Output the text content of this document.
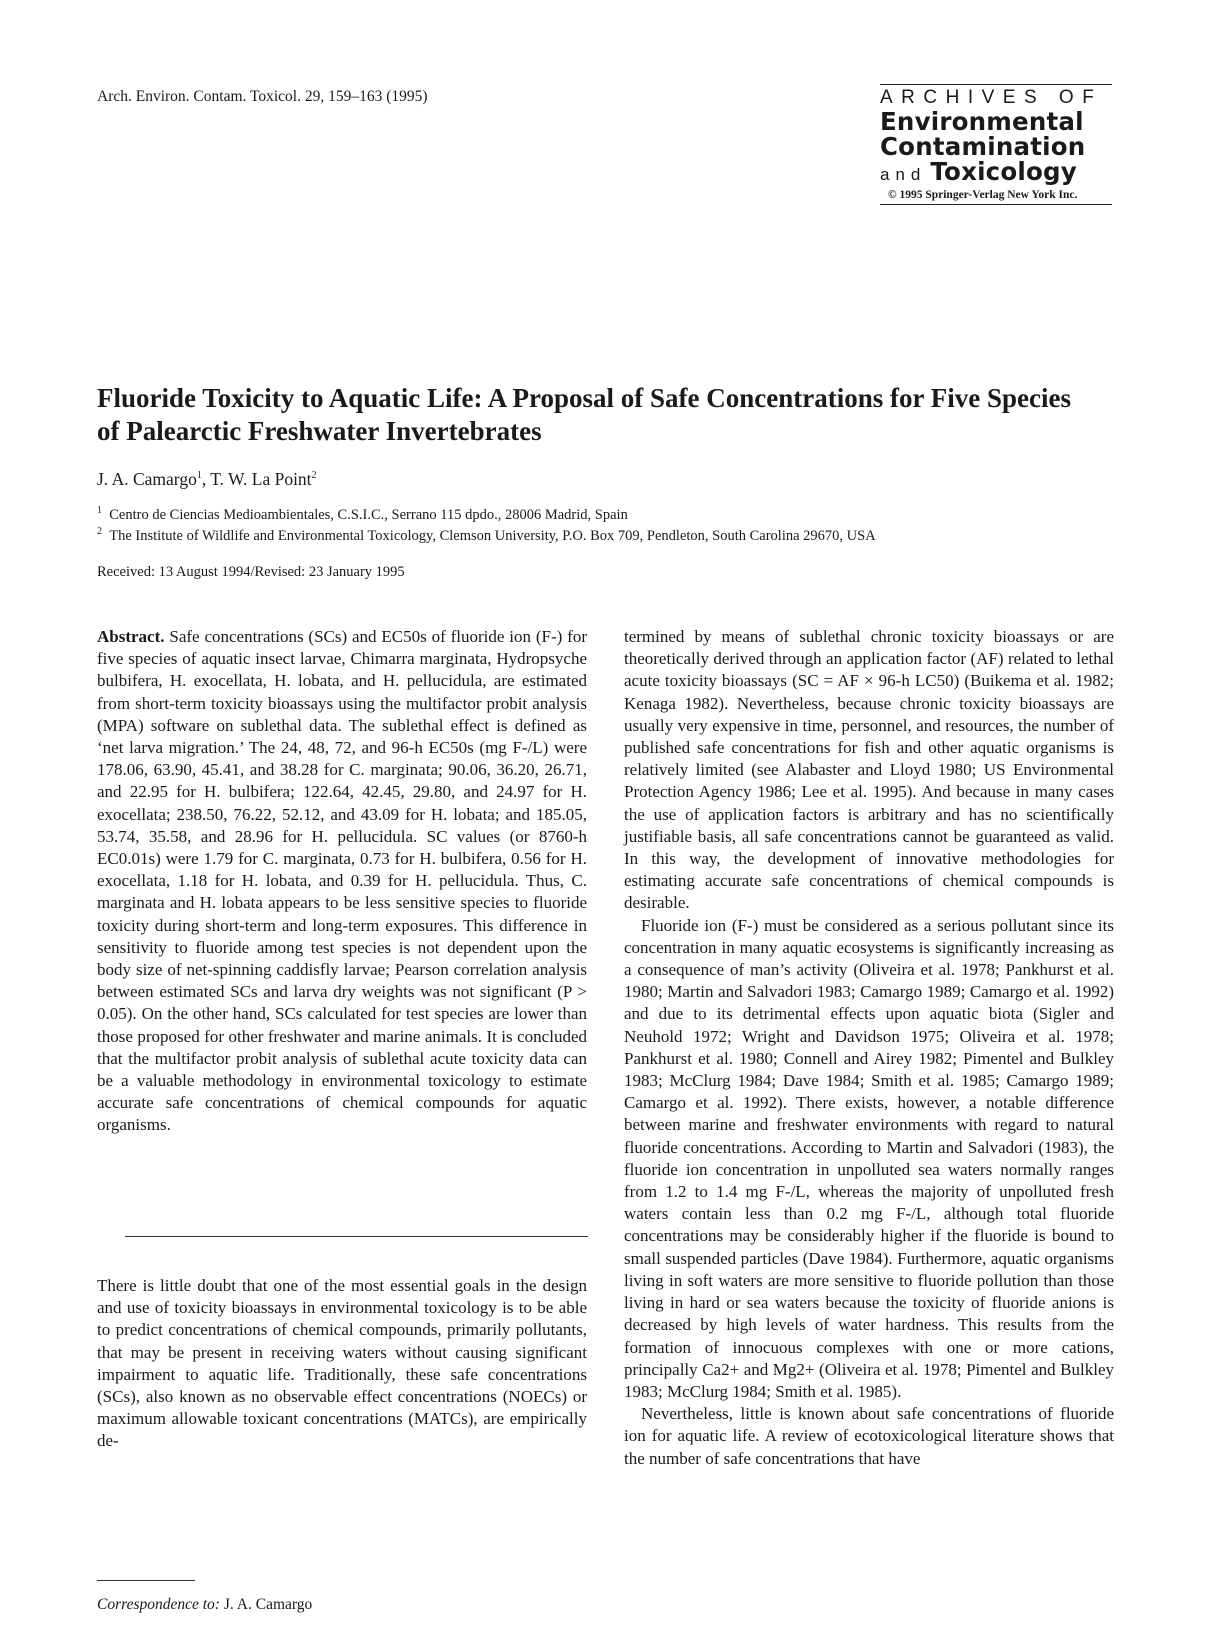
Arch. Environ. Contam. Toxicol. 29, 159–163 (1995)	ARCHIVES OF
Environmental
Contamination
and Toxicology
© 1995 Springer-Verlag New York Inc.
Fluoride Toxicity to Aquatic Life: A Proposal of Safe Concentrations for Five Species of Palearctic Freshwater Invertebrates
J. A. Camargo$^1$, T. W. La Point$^2$
$^1$ Centro de Ciencias Medioambientales, C.S.I.C., Serrano 115 dpdo., 28006 Madrid, Spain
$^2$ The Institute of Wildlife and Environmental Toxicology, Clemson University, P.O. Box 709, Pendleton, South Carolina 29670, USA
Received: 13 August 1994/Revised: 23 January 1995

Abstract. Safe concentrations (SCs) and EC50s of fluoride ion (F-) for five species of aquatic insect larvae, Chimarra marginata, Hydropsyche bulbifera, H. exocellata, H. lobata, and H. pellucidula, are estimated from short-term toxicity bioassays using the multifactor probit analysis (MPA) software on sublethal data. The sublethal effect is defined as ‘net larva migration.’ The 24, 48, 72, and 96-h EC50s (mg F-/L) were 178.06, 63.90, 45.41, and 38.28 for C. marginata; 90.06, 36.20, 26.71, and 22.95 for H. bulbifera; 122.64, 42.45, 29.80, and 24.97 for H. exocellata; 238.50, 76.22, 52.12, and 43.09 for H. lobata; and 185.05, 53.74, 35.58, and 28.96 for H. pellucidula. SC values (or 8760-h EC0.01s) were 1.79 for C. marginata, 0.73 for H. bulbifera, 0.56 for H. exocellata, 1.18 for H. lobata, and 0.39 for H. pellucidula. Thus, C. marginata and H. lobata appears to be less sensitive species to fluoride toxicity during short-term and long-term exposures. This difference in sensitivity to fluoride among test species is not dependent upon the body size of net-spinning caddisfly larvae; Pearson correlation analysis between estimated SCs and larva dry weights was not significant (P > 0.05). On the other hand, SCs calculated for test species are lower than those proposed for other freshwater and marine animals. It is concluded that the multifactor probit analysis of sublethal acute toxicity data can be a valuable methodology in environmental toxicology to estimate accurate safe concentrations of chemical compounds for aquatic organisms.

There is little doubt that one of the most essential goals in the design and use of toxicity bioassays in environmental toxicology is to be able to predict concentrations of chemical compounds, primarily pollutants, that may be present in receiving waters without causing significant impairment to aquatic life. Traditionally, these safe concentrations (SCs), also known as no observable effect concentrations (NOECs) or maximum allowable toxicant concentrations (MATCs), are empirically de-

Correspondence to: J. A. Camargo

termined by means of sublethal chronic toxicity bioassays or are theoretically derived through an application factor (AF) related to lethal acute toxicity bioassays (SC = AF × 96-h LC50) (Buikema et al. 1982; Kenaga 1982). Nevertheless, because chronic toxicity bioassays are usually very expensive in time, personnel, and resources, the number of published safe concentrations for fish and other aquatic organisms is relatively limited (see Alabaster and Lloyd 1980; US Environmental Protection Agency 1986; Lee et al. 1995). And because in many cases the use of application factors is arbitrary and has no scientifically justifiable basis, all safe concentrations cannot be guaranteed as valid. In this way, the development of innovative methodologies for estimating accurate safe concentrations of chemical compounds is desirable.

Fluoride ion (F-) must be considered as a serious pollutant since its concentration in many aquatic ecosystems is significantly increasing as a consequence of man’s activity (Oliveira et al. 1978; Pankhurst et al. 1980; Martin and Salvadori 1983; Camargo 1989; Camargo et al. 1992) and due to its detrimental effects upon aquatic biota (Sigler and Neuhold 1972; Wright and Davidson 1975; Oliveira et al. 1978; Pankhurst et al. 1980; Connell and Airey 1982; Pimentel and Bulkley 1983; McClurg 1984; Dave 1984; Smith et al. 1985; Camargo 1989; Camargo et al. 1992). There exists, however, a notable difference between marine and freshwater environments with regard to natural fluoride concentrations. According to Martin and Salvadori (1983), the fluoride ion concentration in unpolluted sea waters normally ranges from 1.2 to 1.4 mg F-/L, whereas the majority of unpolluted fresh waters contain less than 0.2 mg F-/L, although total fluoride concentrations may be considerably higher if the fluoride is bound to small suspended particles (Dave 1984). Furthermore, aquatic organisms living in soft waters are more sensitive to fluoride pollution than those living in hard or sea waters because the toxicity of fluoride anions is decreased by high levels of water hardness. This results from the formation of innocuous complexes with one or more cations, principally Ca2+ and Mg2+ (Oliveira et al. 1978; Pimentel and Bulkley 1983; McClurg 1984; Smith et al. 1985).

Nevertheless, little is known about safe concentrations of fluoride ion for aquatic life. A review of ecotoxicological literature shows that the number of safe concentrations that have
